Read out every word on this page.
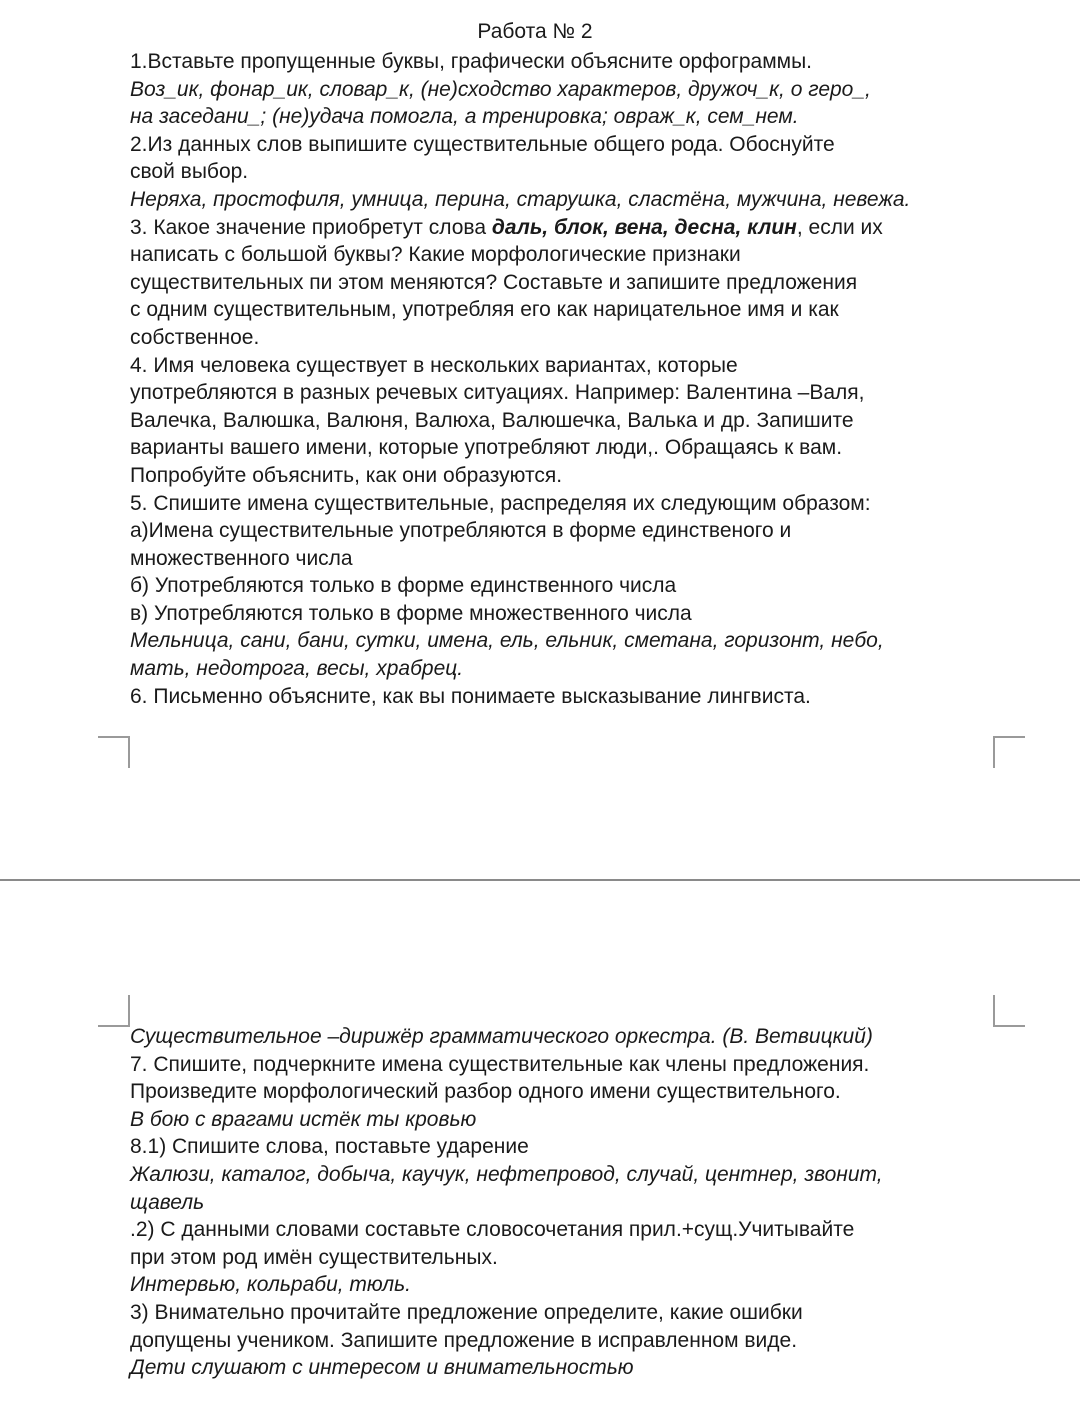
Работа № 2

1.Вставьте пропущенные буквы, графически объясните орфограммы.

Воз_ик, фонар_ик, словар_к, (не)сходство характеров, дружоч_к, о геро_,

на заседани_; (не)удача помогла, а тренировка; овраж_к, сем_нем.

2.Из данных слов выпишите существительные общего рода. Обоснуйте

свой выбор.

Неряха, простофиля, умница, перина, старушка, сластёна, мужчина, невежа.

3. Какое значение приобретут слова даль, блок, вена, десна, клин, если их

написать с большой буквы? Какие морфологические признаки

существительных пи этом меняются? Составьте и запишите предложения

с одним существительным, употребляя его как нарицательное имя и как

собственное.

4. Имя человека существует в нескольких вариантах, которые

употребляются в разных речевых ситуациях. Например: Валентина –Валя,

Валечка, Валюшка, Валюня, Валюха, Валюшечка, Валька и др. Запишите

варианты вашего имени, которые употребляют люди,. Обращаясь к вам.

Попробуйте объяснить, как они образуются.

5. Спишите имена существительные, распределяя их следующим образом:

а)Имена существительные употребляются в форме единственого и

множественного числа

б) Употребляются только в форме единственного числа

в) Употребляются только в форме множественного числа

Мельница, сани, бани, сутки, имена, ель, ельник, сметана, горизонт, небо,

мать, недотрога, весы, храбрец.

6. Письменно объясните, как вы понимаете высказывание лингвиста.

Существительное –дирижёр грамматического оркестра. (В. Ветвицкий)

7. Спишите, подчеркните имена существительные как члены предложения.

Произведите морфологический разбор одного имени существительного.

В бою с врагами истёк ты кровью

8.1) Спишите слова, поставьте ударение

Жалюзи, каталог, добыча, каучук, нефтепровод, случай, центнер, звонит,

щавель

.2) С данными словами составьте словосочетания прил.+сущ.Учитывайте

при этом род имён существительных.

Интервью, кольраби, тюль.

3) Внимательно прочитайте предложение определите, какие ошибки

допущены учеником. Запишите предложение в исправленном виде.

Дети слушают с интересом и внимательностью
